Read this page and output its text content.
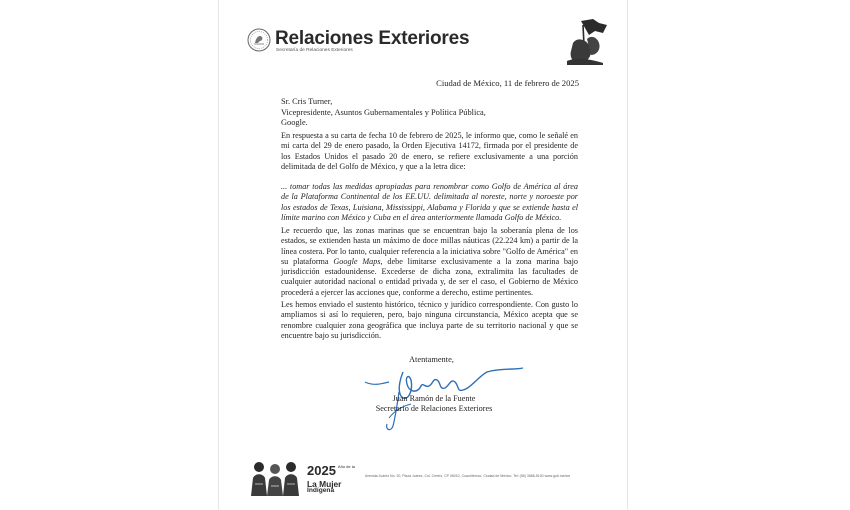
Relaciones Exteriores
Secretaría de Relaciones Exteriores
Ciudad de México, 11 de febrero de 2025
Sr. Cris Turner,
Vicepresidente, Asuntos Gubernamentales y Política Pública,
Google.
En respuesta a su carta de fecha 10 de febrero de 2025, le informo que, como le señalé en mi carta del 29 de enero pasado, la Orden Ejecutiva 14172, firmada por el presidente de los Estados Unidos el pasado 20 de enero, se refiere exclusivamente a una porción delimitada de del Golfo de México, y que a la letra dice:
... tomar todas las medidas apropiadas para renombrar como Golfo de América al área de la Plataforma Continental de los EE.UU. delimitada al noreste, norte y noroeste por los estados de Texas, Luisiana, Mississippi, Alabama y Florida y que se extiende hasta el límite marino con México y Cuba en el área anteriormente llamada Golfo de México.
Le recuerdo que, las zonas marinas que se encuentran bajo la soberanía plena de los estados, se extienden hasta un máximo de doce millas náuticas (22.224 km) a partir de la línea costera. Por lo tanto, cualquier referencia a la iniciativa sobre "Golfo de América" en su plataforma Google Maps, debe limitarse exclusivamente a la zona marina bajo jurisdicción estadounidense. Excederse de dicha zona, extralimita las facultades de cualquier autoridad nacional o entidad privada y, de ser el caso, el Gobierno de México procederá a ejercer las acciones que, conforme a derecho, estime pertinentes.
Les hemos enviado el sustento histórico, técnico y jurídico correspondiente. Con gusto lo ampliamos si así lo requieren, pero, bajo ninguna circunstancia, México acepta que se renombre cualquier zona geográfica que incluya parte de su territorio nacional y que se encuentre bajo su jurisdicción.
Atentamente,
Juan Ramón de la Fuente
Secretario de Relaciones Exteriores
2025 Año de la
La Mujer
Indígena
Avenida Juárez No. 20, Plaza Juárez, Col. Centro, CP 06010, Cuauhtémoc, Ciudad de México. Tel: (55) 3686-5100 www.gob.mx/sre
